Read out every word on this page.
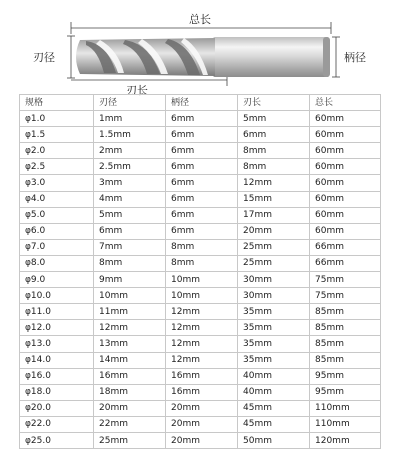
总长
刃径
刃长
柄径
规格	刃径	柄径	刃长	总长
φ1.0	1mm	6mm	5mm	60mm
φ1.5	1.5mm	6mm	6mm	60mm
φ2.0	2mm	6mm	8mm	60mm
φ2.5	2.5mm	6mm	8mm	60mm
φ3.0	3mm	6mm	12mm	60mm
φ4.0	4mm	6mm	15mm	60mm
φ5.0	5mm	6mm	17mm	60mm
φ6.0	6mm	6mm	20mm	60mm
φ7.0	7mm	8mm	25mm	66mm
φ8.0	8mm	8mm	25mm	66mm
φ9.0	9mm	10mm	30mm	75mm
φ10.0	10mm	10mm	30mm	75mm
φ11.0	11mm	12mm	35mm	85mm
φ12.0	12mm	12mm	35mm	85mm
φ13.0	13mm	12mm	35mm	85mm
φ14.0	14mm	12mm	35mm	85mm
φ16.0	16mm	16mm	40mm	95mm
φ18.0	18mm	16mm	40mm	95mm
φ20.0	20mm	20mm	45mm	110mm
φ22.0	22mm	20mm	45mm	110mm
φ25.0	25mm	20mm	50mm	120mm
